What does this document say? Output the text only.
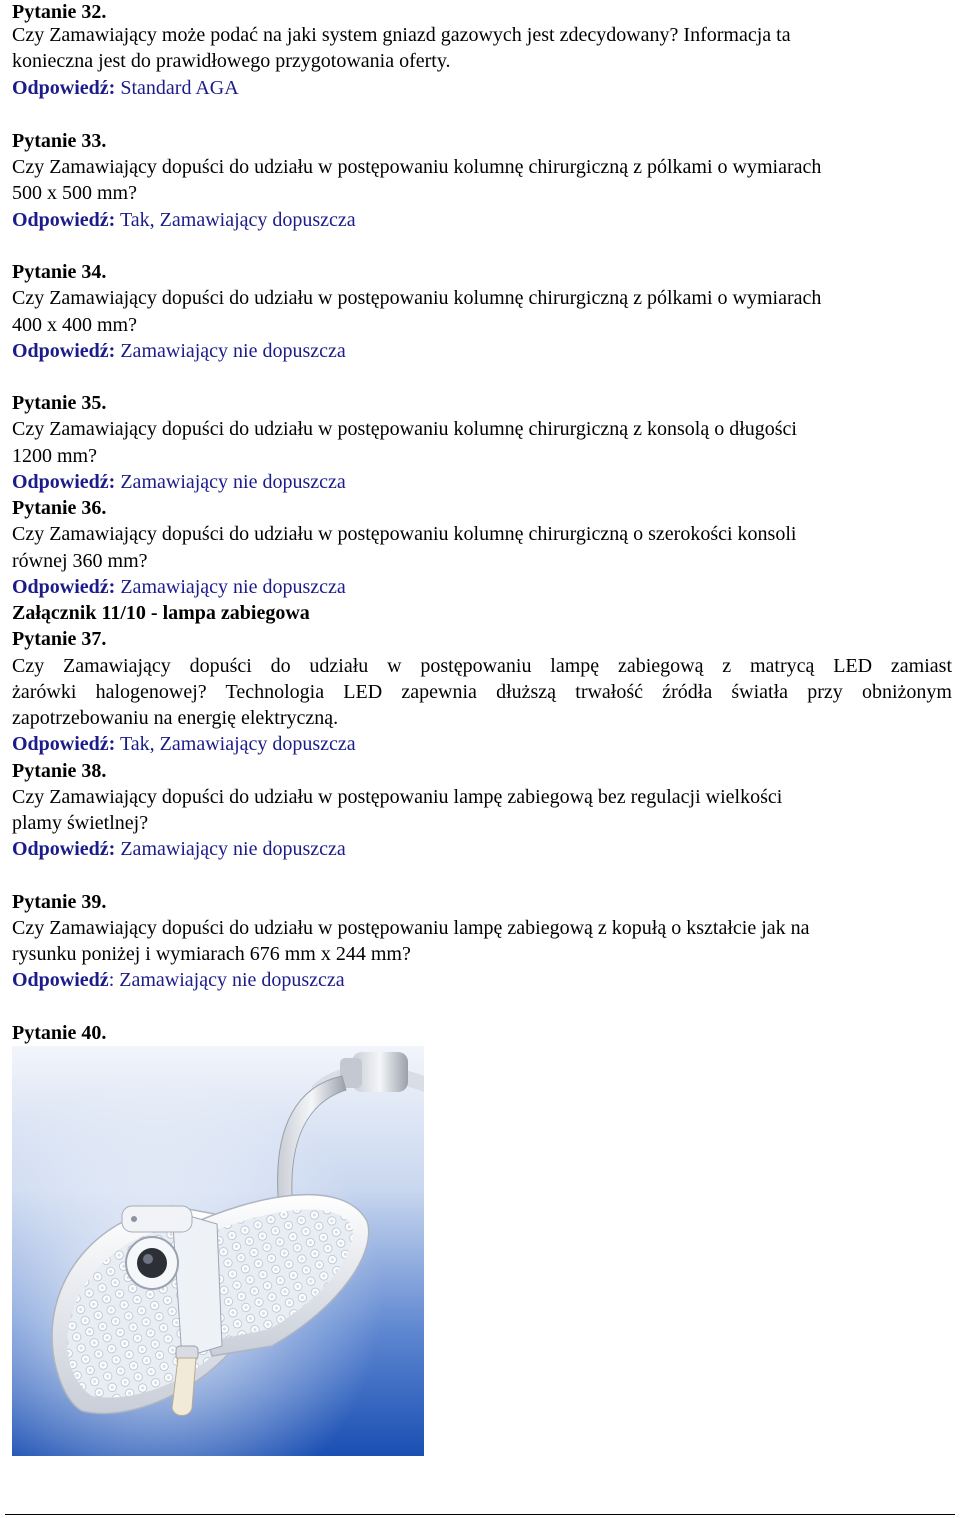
Pytanie 32.
Czy Zamawiający może podać na jaki system gniazd gazowych jest zdecydowany? Informacja ta
konieczna jest do prawidłowego przygotowania oferty.
Odpowiedź: Standard AGA
Pytanie 33.
Czy Zamawiający dopuści do udziału w postępowaniu kolumnę chirurgiczną z pólkami o wymiarach
500 x 500 mm?
Odpowiedź: Tak, Zamawiający dopuszcza
Pytanie 34.
Czy Zamawiający dopuści do udziału w postępowaniu kolumnę chirurgiczną z pólkami o wymiarach
400 x 400 mm?
Odpowiedź: Zamawiający nie dopuszcza
Pytanie 35.
Czy Zamawiający dopuści do udziału w postępowaniu kolumnę chirurgiczną z konsolą o długości
1200 mm?
Odpowiedź: Zamawiający nie dopuszcza
Pytanie 36.
Czy Zamawiający dopuści do udziału w postępowaniu kolumnę chirurgiczną o szerokości konsoli
równej 360 mm?
Odpowiedź: Zamawiający nie dopuszcza
Załącznik 11/10 - lampa zabiegowa
Pytanie 37.
Czy Zamawiający dopuści do udziału w postępowaniu lampę zabiegową z matrycą LED zamiast
żarówki halogenowej? Technologia LED zapewnia dłuższą trwałość źródła światła przy obniżonym
zapotrzebowaniu na energię elektryczną.
Odpowiedź: Tak, Zamawiający dopuszcza
Pytanie 38.
Czy Zamawiający dopuści do udziału w postępowaniu lampę zabiegową bez regulacji wielkości
plamy świetlnej?
Odpowiedź: Zamawiający nie dopuszcza
Pytanie 39.
Czy Zamawiający dopuści do udziału w postępowaniu lampę zabiegową z kopułą o kształcie jak na
rysunku poniżej i wymiarach 676 mm x 244 mm?
Odpowiedź: Zamawiający nie dopuszcza
Pytanie 40.
